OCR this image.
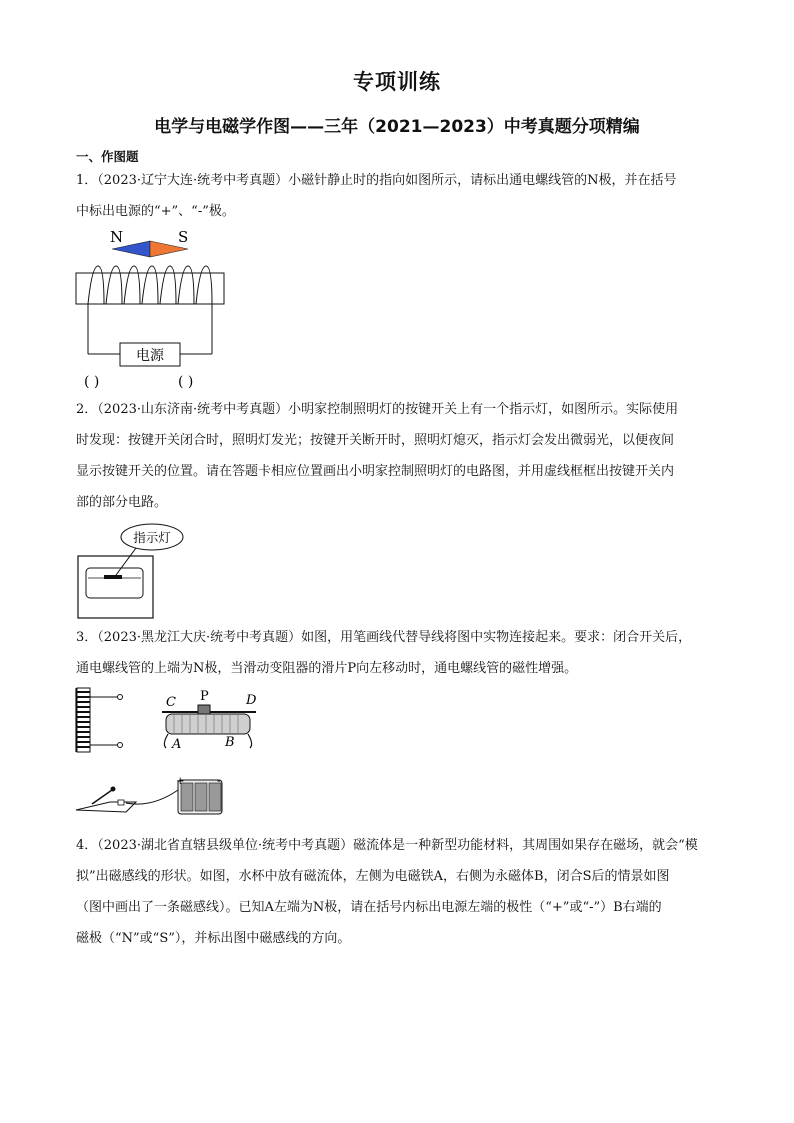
专项训练
电学与电磁学作图——三年（2021—2023）中考真题分项精编
一、作图题
1．（2023·辽宁大连·统考中考真题）小磁针静止时的指向如图所示，请标出通电螺线管的N极，并在括号
中标出电源的“+”、“-”极。
N	S
电源
( )	( )
2．（2023·山东济南·统考中考真题）小明家控制照明灯的按键开关上有一个指示灯，如图所示。实际使用
时发现：按键开关闭合时，照明灯发光；按键开关断开时，照明灯熄灭，指示灯会发出微弱光，以便夜间
显示按键开关的位置。请在答题卡相应位置画出小明家控制照明灯的电路图，并用虚线框框出按键开关内
部的部分电路。
指示灯
3．（2023·黑龙江大庆·统考中考真题）如图，用笔画线代替导线将图中实物连接起来。要求：闭合开关后，
通电螺线管的上端为N极，当滑动变阻器的滑片P向左移动时，通电螺线管的磁性增强。
C P	D
A	B
+	-
4．（2023·湖北省直辖县级单位·统考中考真题）磁流体是一种新型功能材料，其周围如果存在磁场，就会“模
拟”出磁感线的形状。如图，水杯中放有磁流体，左侧为电磁铁A，右侧为永磁体B，闭合S后的情景如图
（图中画出了一条磁感线）。已知A左端为N极，请在括号内标出电源左端的极性（“+”或“-”）B右端的
磁极（“N”或“S”），并标出图中磁感线的方向。
